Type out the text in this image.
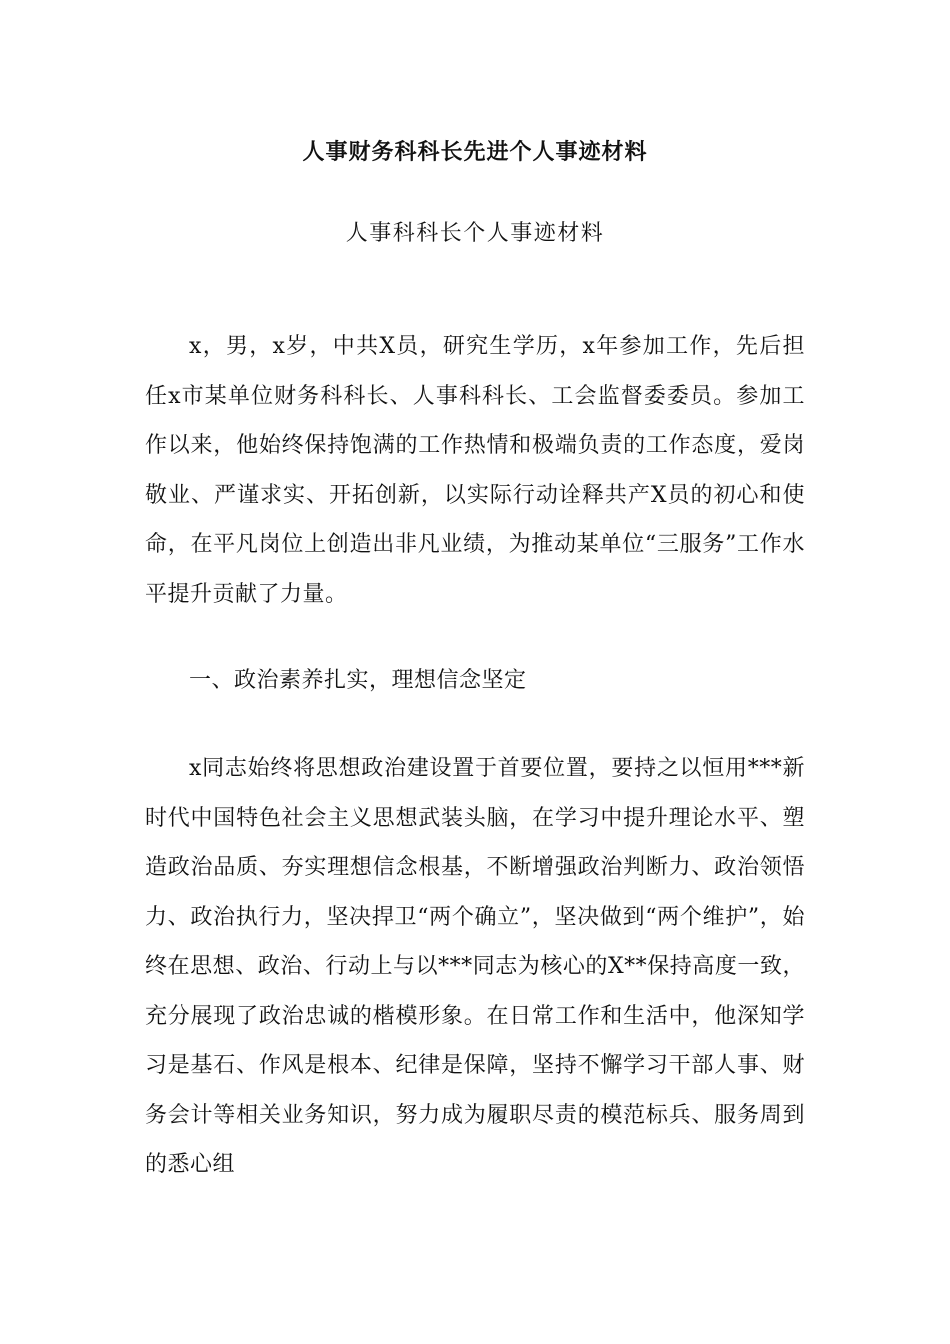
人事财务科科长先进个人事迹材料
人事科科长个人事迹材料

x，男，x岁，中共X员，研究生学历，x年参加工作，先后担任x市某单位财务科科长、人事科科长、工会监督委委员。参加工作以来，他始终保持饱满的工作热情和极端负责的工作态度，爱岗敬业、严谨求实、开拓创新，以实际行动诠释共产X员的初心和使命，在平凡岗位上创造出非凡业绩，为推动某单位“三服务”工作水平提升贡献了力量。

一、政治素养扎实，理想信念坚定

x同志始终将思想政治建设置于首要位置，要持之以恒用***新时代中国特色社会主义思想武装头脑，在学习中提升理论水平、塑造政治品质、夯实理想信念根基，不断增强政治判断力、政治领悟力、政治执行力，坚决捍卫“两个确立”，坚决做到“两个维护”，始终在思想、政治、行动上与以***同志为核心的X**保持高度一致，充分展现了政治忠诚的楷模形象。在日常工作和生活中，他深知学习是基石、作风是根本、纪律是保障，坚持不懈学习干部人事、财务会计等相关业务知识，努力成为履职尽责的模范标兵、服务周到的悉心组
